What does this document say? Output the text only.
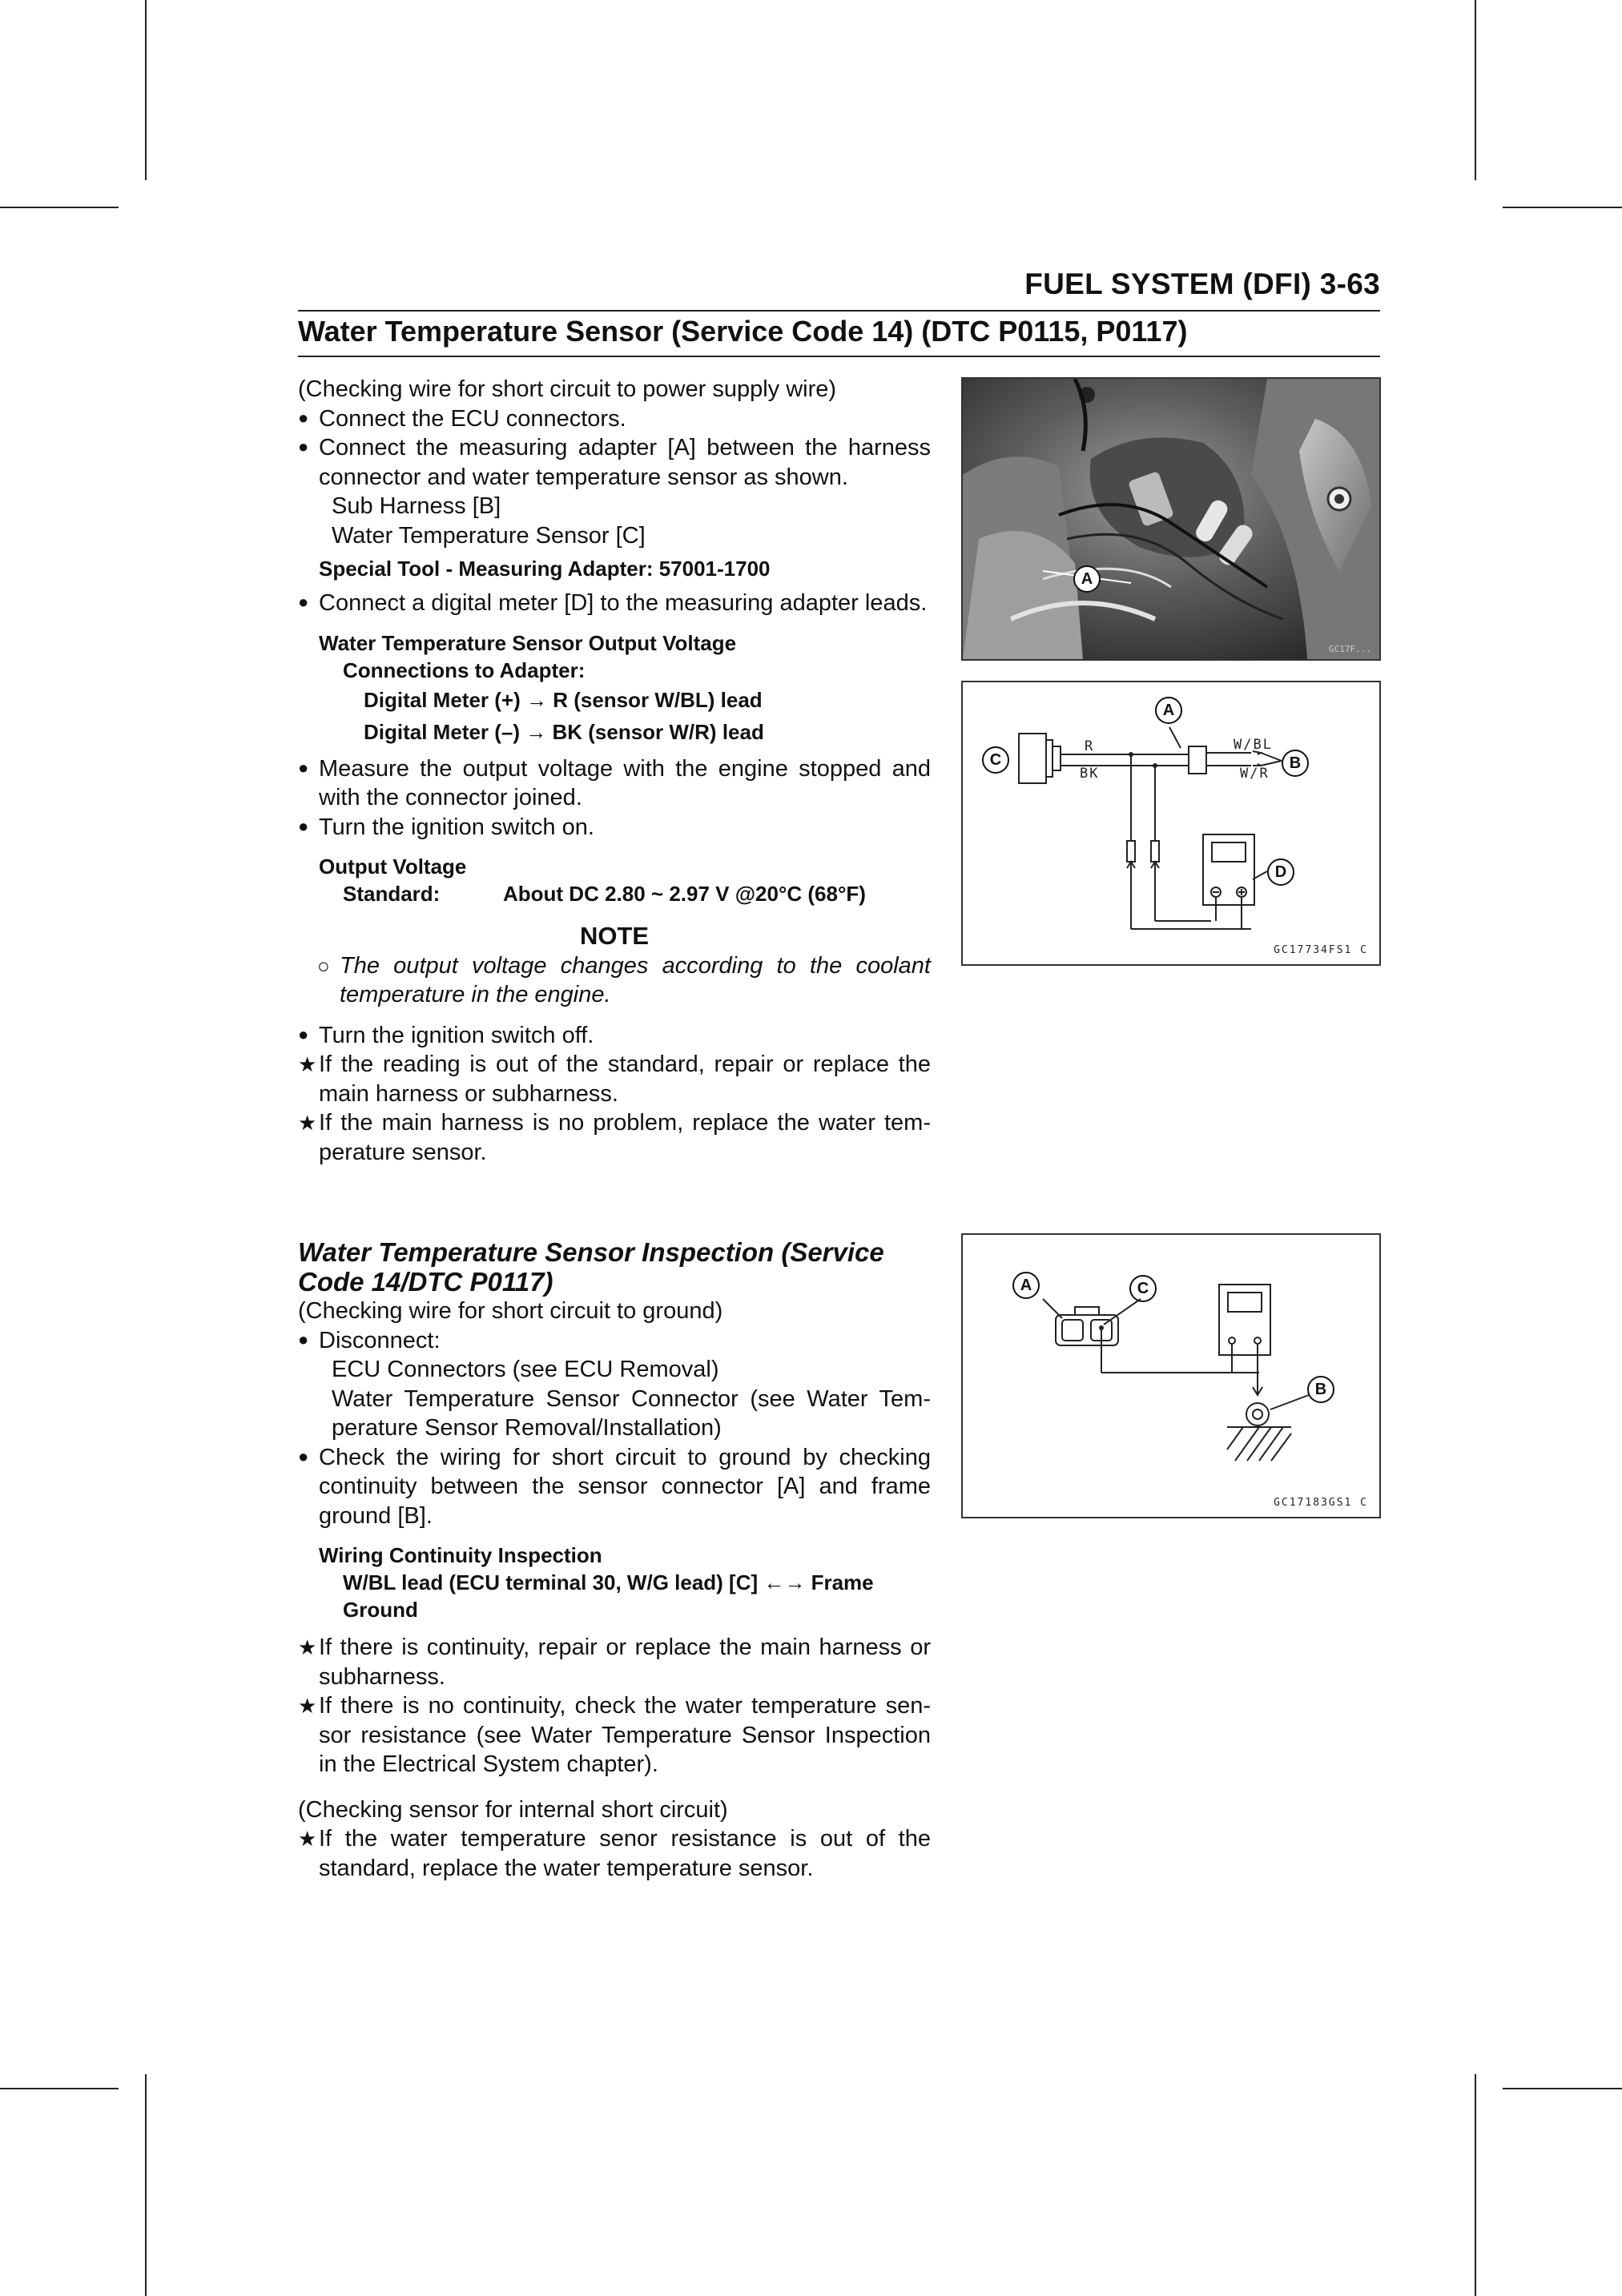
FUEL SYSTEM (DFI) 3-63
Water Temperature Sensor (Service Code 14) (DTC P0115, P0117)

(Checking wire for short circuit to power supply wire)

● Connect the ECU connectors.

● Connect the measuring adapter [A] between the harness connector and water temperature sensor as shown.

Sub Harness [B]

Water Temperature Sensor [C]

Special Tool - Measuring Adapter: 57001-1700

● Connect a digital meter [D] to the measuring adapter leads.

Water Temperature Sensor Output Voltage

Connections to Adapter:

Digital Meter (+) → R (sensor W/BL) lead

Digital Meter (–) → BK (sensor W/R) lead

● Measure the output voltage with the engine stopped and with the connector joined.

● Turn the ignition switch on.

Output Voltage

Standard:	About DC 2.80 ~ 2.97 V @20°C (68°F)

NOTE

○ The output voltage changes according to the coolant temperature in the engine.

● Turn the ignition switch off.

★ If the reading is out of the standard, repair or replace the main harness or subharness.

★ If the main harness is no problem, replace the water tem-perature sensor.

Water Temperature Sensor Inspection (Service Code 14/DTC P0117)

(Checking wire for short circuit to ground)

● Disconnect:

ECU Connectors (see ECU Removal)

Water Temperature Sensor Connector (see Water Tem-perature Sensor Removal/Installation)

● Check the wiring for short circuit to ground by checking continuity between the sensor connector [A] and frame ground [B].

Wiring Continuity Inspection

W/BL lead (ECU terminal 30, W/G lead) [C] ←→ Frame Ground

★ If there is continuity, repair or replace the main harness or subharness.

★ If there is no continuity, check the water temperature sen-sor resistance (see Water Temperature Sensor Inspection in the Electrical System chapter).

(Checking sensor for internal short circuit)

★ If the water temperature senor resistance is out of the standard, replace the water temperature sensor.

A
GC17F...
C
A
B
D
R
BK
W/BL
W/R
GC17734FS1 C
A	C
B
GC17183GS1 C
